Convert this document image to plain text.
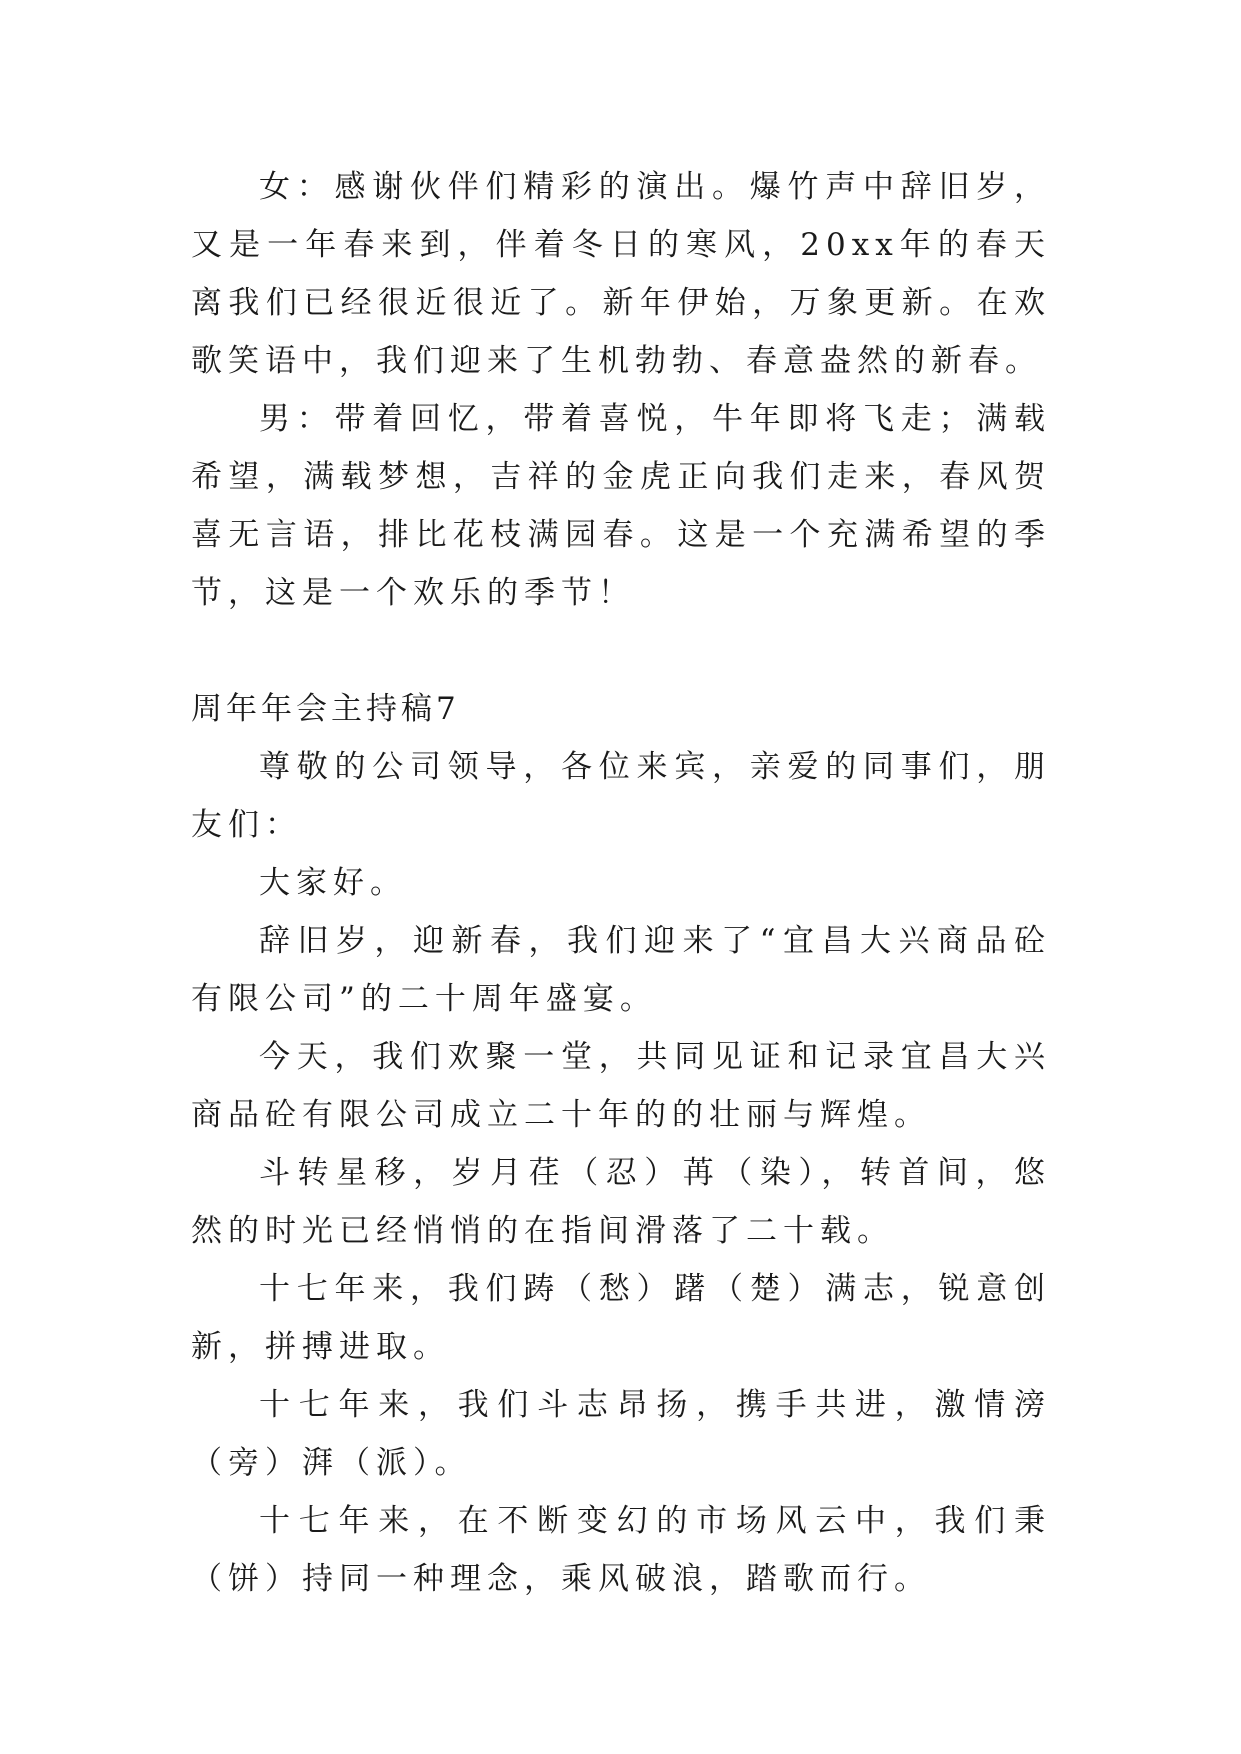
女：感谢伙伴们精彩的演出。爆竹声中辞旧岁，又是一年春来到，伴着冬日的寒风，20xx年的春天离我们已经很近很近了。新年伊始，万象更新。在欢歌笑语中，我们迎来了生机勃勃、春意盎然的新春。

男：带着回忆，带着喜悦，牛年即将飞走；满载希望，满载梦想，吉祥的金虎正向我们走来，春风贺喜无言语，排比花枝满园春。这是一个充满希望的季节，这是一个欢乐的季节！

周年年会主持稿7

尊敬的公司领导，各位来宾，亲爱的同事们，朋友们：

大家好。

辞旧岁，迎新春，我们迎来了“宜昌大兴商品砼有限公司”的二十周年盛宴。

今天，我们欢聚一堂，共同见证和记录宜昌大兴商品砼有限公司成立二十年的的壮丽与辉煌。

斗转星移，岁月荏（忍）苒（染），转首间，悠然的时光已经悄悄的在指间滑落了二十载。

十七年来，我们踌（愁）躇（楚）满志，锐意创新，拼搏进取。

十七年来，我们斗志昂扬，携手共进，激情滂（旁）湃（派）。

十七年来，在不断变幻的市场风云中，我们秉（饼）持同一种理念，乘风破浪，踏歌而行。
